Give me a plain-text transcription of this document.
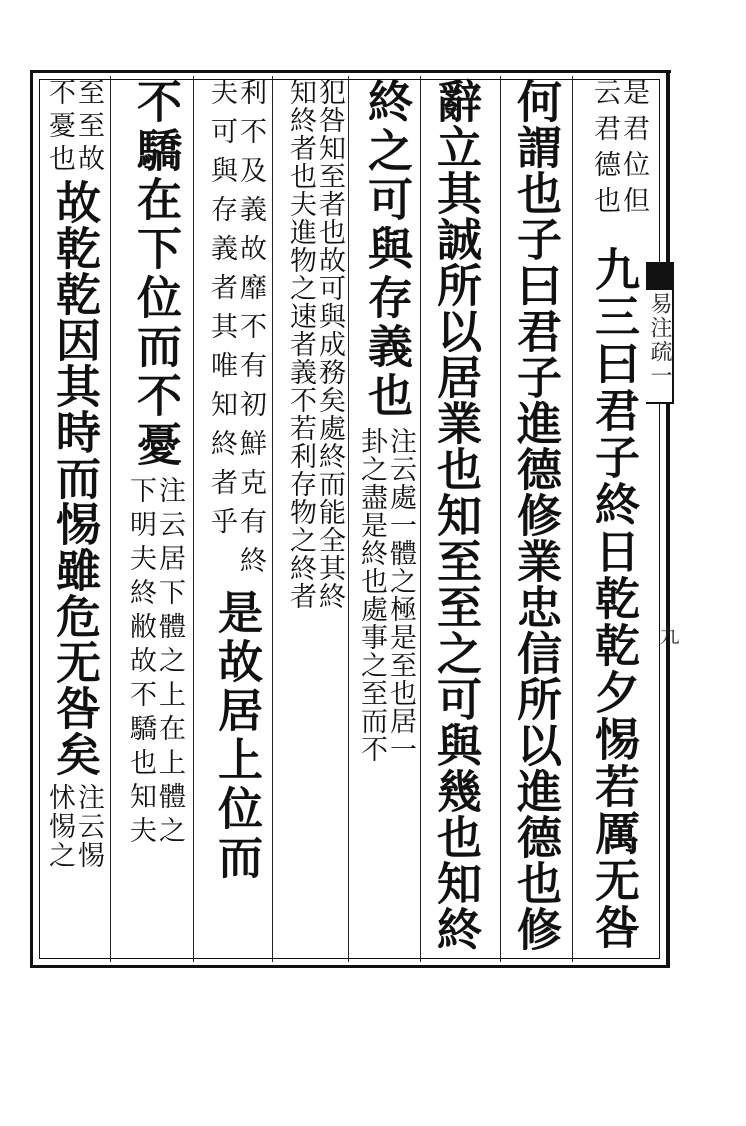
是君位但
云君德也
九三曰君子終日乾乾夕惕若厲无咎
何謂也子曰君子進德修業忠信所以進德也修
辭立其誠所以居業也知至至之可與幾也知終
終之可與存義也
注云處一體之極是至也居一
卦之盡是終也處事之至而不
犯咎知至者也故可與成務矣處終而能全其終
知終者也夫進物之速者義不若利存物之終者
利不及義故靡不有初鮮克有終
夫可與存義者其唯知終者乎
是故居上位而
不驕在下位而不憂
注云居下體之上在上體之
下明夫終敝故不驕也知夫
至至故
不憂也
故乾乾因其時而惕雖危无咎矣
注云惕
怵惕之
易注疏一
九
